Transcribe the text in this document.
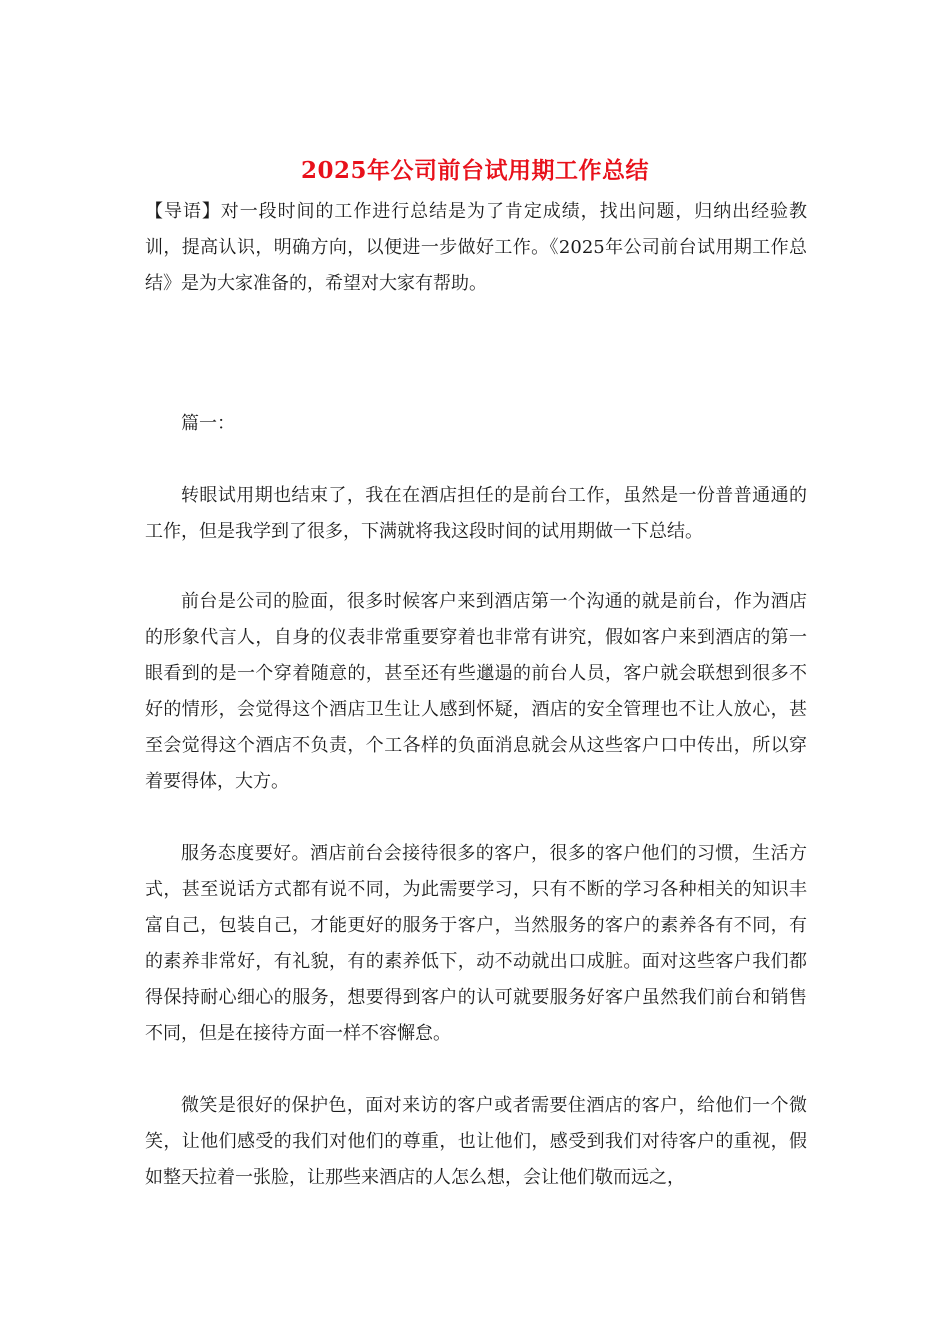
2025年公司前台试用期工作总结

【导语】对一段时间的工作进行总结是为了肯定成绩，找出问题，归纳出经验教训，提高认识，明确方向，以便进一步做好工作。《2025年公司前台试用期工作总结》是为大家准备的，希望对大家有帮助。

篇一：

转眼试用期也结束了，我在在酒店担任的是前台工作，虽然是一份普普通通的工作，但是我学到了很多，下满就将我这段时间的试用期做一下总结。

前台是公司的脸面，很多时候客户来到酒店第一个沟通的就是前台，作为酒店的形象代言人，自身的仪表非常重要穿着也非常有讲究，假如客户来到酒店的第一眼看到的是一个穿着随意的，甚至还有些邋遢的前台人员，客户就会联想到很多不好的情形，会觉得这个酒店卫生让人感到怀疑，酒店的安全管理也不让人放心，甚至会觉得这个酒店不负责，个工各样的负面消息就会从这些客户口中传出，所以穿着要得体，大方。

服务态度要好。酒店前台会接待很多的客户，很多的客户他们的习惯，生活方式，甚至说话方式都有说不同，为此需要学习，只有不断的学习各种相关的知识丰富自己，包装自己，才能更好的服务于客户，当然服务的客户的素养各有不同，有的素养非常好，有礼貌，有的素养低下，动不动就出口成脏。面对这些客户我们都得保持耐心细心的服务，想要得到客户的认可就要服务好客户虽然我们前台和销售不同，但是在接待方面一样不容懈怠。

微笑是很好的保护色，面对来访的客户或者需要住酒店的客户，给他们一个微笑，让他们感受的我们对他们的尊重，也让他们，感受到我们对待客户的重视，假如整天拉着一张脸，让那些来酒店的人怎么想，会让他们敬而远之，
